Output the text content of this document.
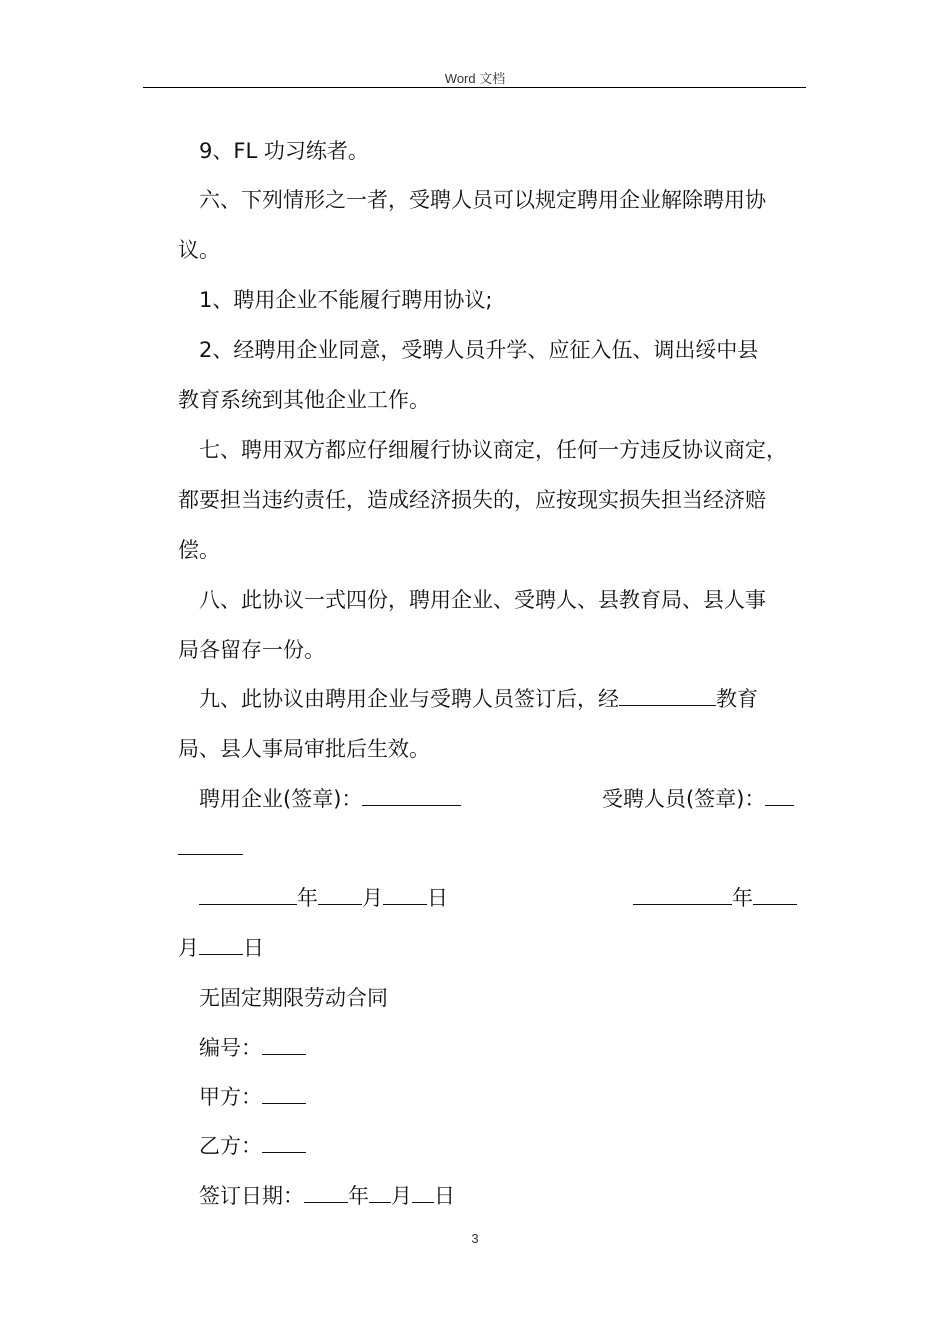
Word 文档
9、FL 功习练者。
六、下列情形之一者，受聘人员可以规定聘用企业解除聘用协
议。
1、聘用企业不能履行聘用协议;
2、经聘用企业同意，受聘人员升学、应征入伍、调出绥中县
教育系统到其他企业工作。
七、聘用双方都应仔细履行协议商定，任何一方违反协议商定，
都要担当违约责任，造成经济损失的，应按现实损失担当经济赔
偿。
八、此协议一式四份，聘用企业、受聘人、县教育局、县人事
局各留存一份。
九、此协议由聘用企业与受聘人员签订后，经	教育
局、县人事局审批后生效。
聘用企业(签章)：	受聘人员(签章)：
年 月 日	年
月 日
无固定期限劳动合同
编号：
甲方：
乙方：
签订日期： 年 月 日
3
